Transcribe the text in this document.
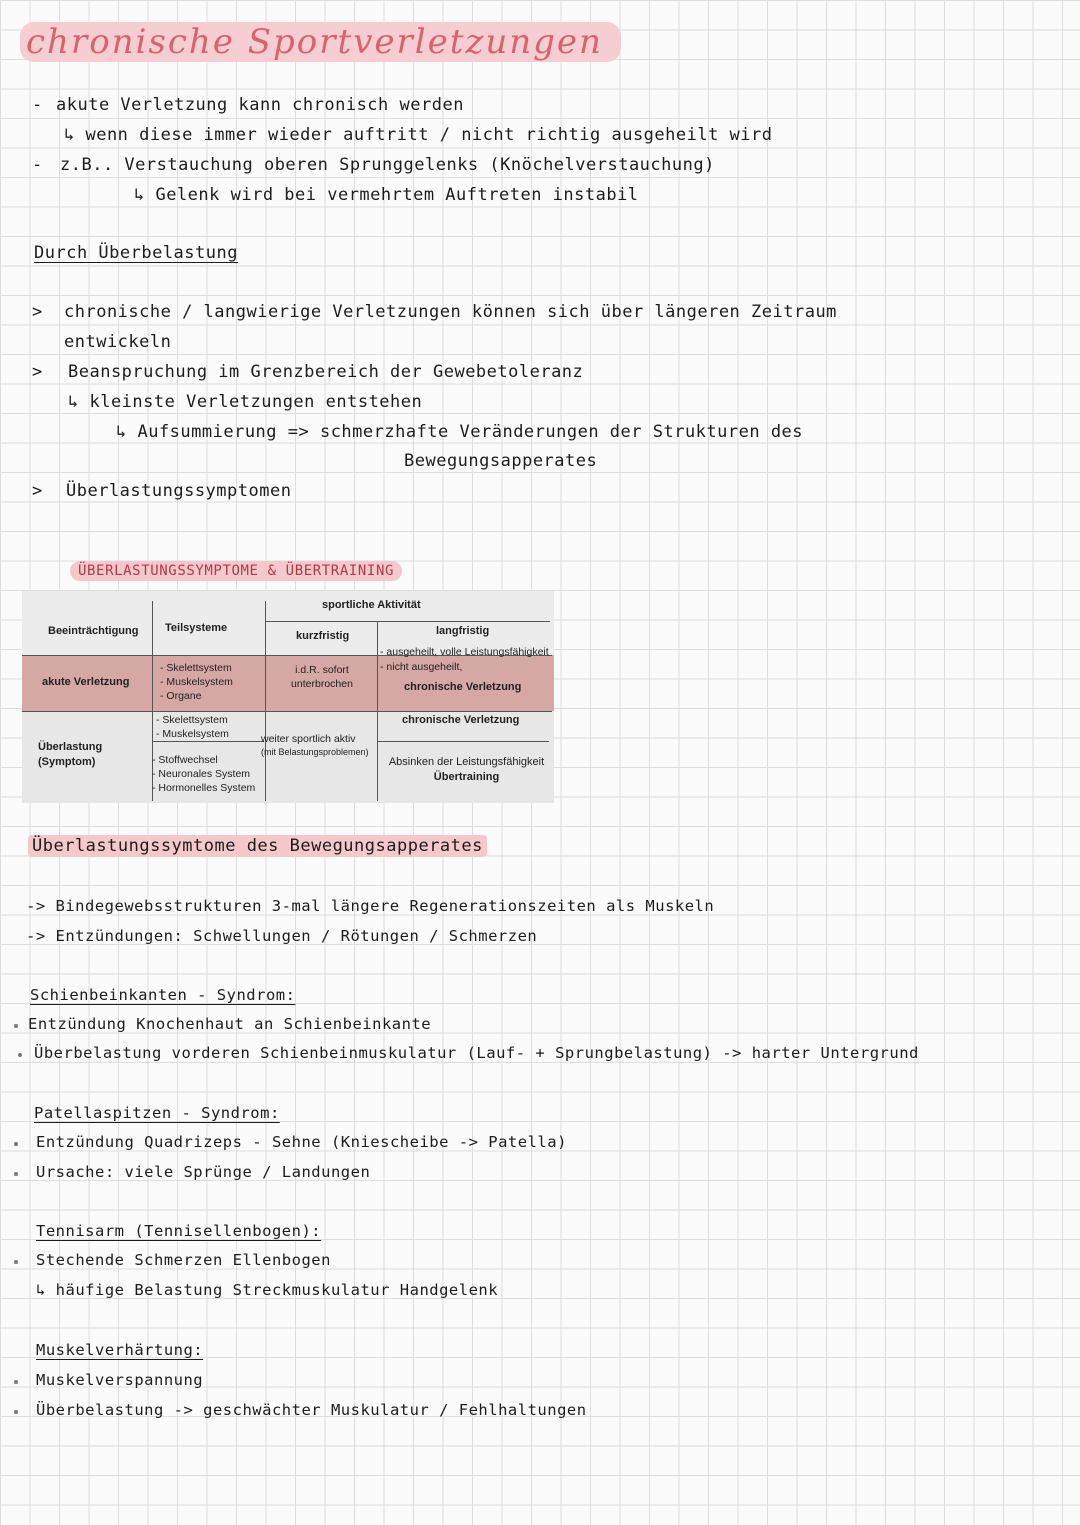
chronische Sportverletzungen
- akute Verletzung kann chronisch werden
↳ wenn diese immer wieder auftritt / nicht richtig ausgeheilt wird
- z.B.. Verstauchung oberen Sprunggelenks (Knöchelverstauchung)
↳ Gelenk wird bei vermehrtem Auftreten instabil
Durch Überbelastung
> chronische / langwierige Verletzungen können sich über längeren Zeitraum
entwickeln
> Beanspruchung im Grenzbereich der Gewebetoleranz
↳ kleinste Verletzungen entstehen
↳ Aufsummierung => schmerzhafte Veränderungen der Strukturen des
Bewegungsapperates
> Überlastungssymptomen
ÜBERLASTUNGSSYMPTOME & ÜBERTRAINING
sportliche Aktivität
Beeinträchtigung Teilsysteme
kurzfristig	langfristig
akute Verletzung
- Skelettsystem
- Muskelsystem
- Organe
i.d.R. sofort
unterbrochen
- ausgeheilt, volle Leistungsfähigkeit
- nicht ausgeheilt,
chronische Verletzung
Überlastung
(Symptom)
- Skelettsystem
- Muskelsystem
- Stoffwechsel
- Neuronales System
- Hormonelles System
weiter sportlich aktiv
(mit Belastungsproblemen)
chronische Verletzung
Absinken der Leistungsfähigkeit
Übertraining
Überlastungssymtome des Bewegungsapperates
-> Bindegewebsstrukturen 3-mal längere Regenerationszeiten als Muskeln
-> Entzündungen: Schwellungen / Rötungen / Schmerzen
Schienbeinkanten - Syndrom:
Entzündung Knochenhaut an Schienbeinkante
Überbelastung vorderen Schienbeinmuskulatur (Lauf- + Sprungbelastung) -> harter Untergrund
Patellaspitzen - Syndrom:
Entzündung Quadrizeps - Sehne (Kniescheibe -> Patella)
Ursache: viele Sprünge / Landungen
Tennisarm (Tennisellenbogen):
Stechende Schmerzen Ellenbogen
↳ häufige Belastung Streckmuskulatur Handgelenk
Muskelverhärtung:
Muskelverspannung
Überbelastung -> geschwächter Muskulatur / Fehlhaltungen
